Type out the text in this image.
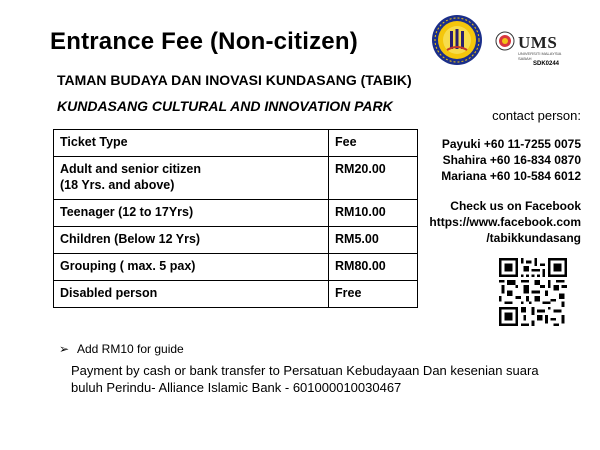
Entrance Fee (Non-citizen)	UMS
UNIVERSITI MALAYSIA SABAH
SDK0244
TAMAN BUDAYA DAN INOVASI KUNDASANG (TABIK)
KUNDASANG CULTURAL AND INNOVATION PARK
Ticket Type	Fee

Adult and senior citizen
(18 Yrs. and above)	RM20.00
Teenager (12 to 17Yrs)	RM10.00
Children (Below 12 Yrs)	RM5.00
Grouping ( max. 5 pax)	RM80.00
Disabled person	Free
➢ Add RM10 for guide
Payment by cash or bank transfer to Persatuan Kebudayaan Dan kesenian suara
buluh Perindu- Alliance Islamic Bank - 601000010030467
contact person:
Payuki +60 11-7255 0075
Shahira +60 16-834 0870
Mariana +60 10-584 6012
Check us on Facebook
https://www.facebook.com
/tabikkundasang
